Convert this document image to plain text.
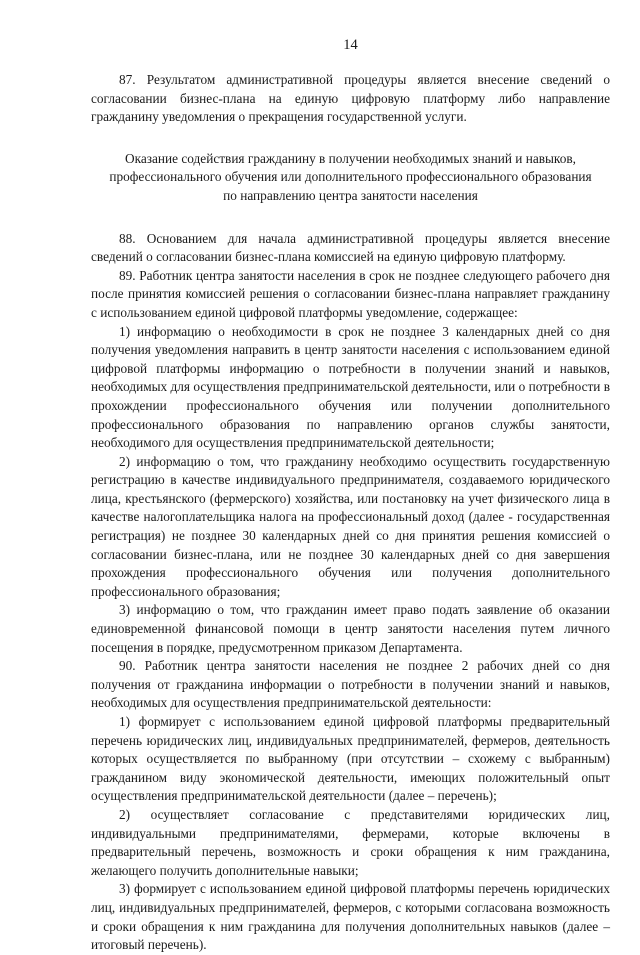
14

87. Результатом административной процедуры является внесение сведений о согласовании бизнес-плана на единую цифровую платформу либо направление гражданину уведомления о прекращения государственной услуги.

Оказание содействия гражданину в получении необходимых знаний и навыков,
профессионального обучения или дополнительного профессионального образования
по направлению центра занятости населения

88. Основанием для начала административной процедуры является внесение сведений о согласовании бизнес-плана комиссией на единую цифровую платформу.

89. Работник центра занятости населения в срок не позднее следующего рабочего дня после принятия комиссией решения о согласовании бизнес-плана направляет гражданину с использованием единой цифровой платформы уведомление, содержащее:

1) информацию о необходимости в срок не позднее 3 календарных дней со дня получения уведомления направить в центр занятости населения с использованием единой цифровой платформы информацию о потребности в получении знаний и навыков, необходимых для осуществления предпринимательской деятельности, или о потребности в прохождении профессионального обучения или получении дополнительного профессионального образования по направлению органов службы занятости, необходимого для осуществления предпринимательской деятельности;

2) информацию о том, что гражданину необходимо осуществить государственную регистрацию в качестве индивидуального предпринимателя, создаваемого юридического лица, крестьянского (фермерского) хозяйства, или постановку на учет физического лица в качестве налогоплательщика налога на профессиональный доход (далее - государственная регистрация) не позднее 30 календарных дней со дня принятия решения комиссией о согласовании бизнес-плана, или не позднее 30 календарных дней со дня завершения прохождения профессионального обучения или получения дополнительного профессионального образования;

3) информацию о том, что гражданин имеет право подать заявление об оказании единовременной финансовой помощи в центр занятости населения путем личного посещения в порядке, предусмотренном приказом Департамента.

90. Работник центра занятости населения не позднее 2 рабочих дней со дня получения от гражданина информации о потребности в получении знаний и навыков, необходимых для осуществления предпринимательской деятельности:

1) формирует с использованием единой цифровой платформы предварительный перечень юридических лиц, индивидуальных предпринимателей, фермеров, деятельность которых осуществляется по выбранному (при отсутствии – схожему с выбранным) гражданином виду экономической деятельности, имеющих положительный опыт осуществления предпринимательской деятельности (далее – перечень);

2) осуществляет согласование с представителями юридических лиц, индивидуальными предпринимателями, фермерами, которые включены в предварительный перечень, возможность и сроки обращения к ним гражданина, желающего получить дополнительные навыки;

3) формирует с использованием единой цифровой платформы перечень юридических лиц, индивидуальных предпринимателей, фермеров, с которыми согласована возможность и сроки обращения к ним гражданина для получения дополнительных навыков (далее – итоговый перечень).
